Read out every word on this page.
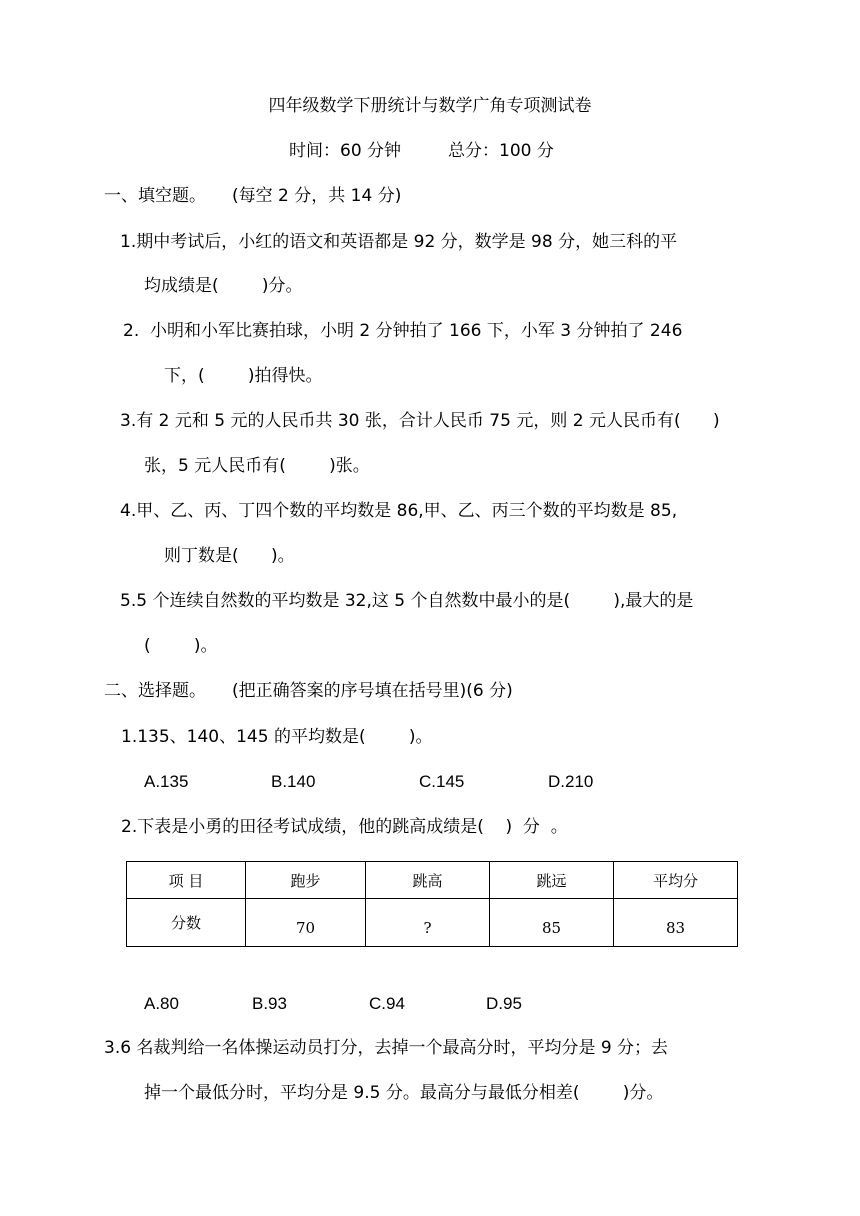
四年级数学下册统计与数学广角专项测试卷
时间：60 分钟	总分：100 分
一、填空题。 (每空 2 分，共 14 分)
1.期中考试后，小红的语文和英语都是 92 分，数学是 98 分，她三科的平
均成绩是(        )分。
2.  小明和小军比赛拍球，小明 2 分钟拍了 166 下，小军 3 分钟拍了 246
下，(        )拍得快。
3.有 2 元和 5 元的人民币共 30 张，合计人民币 75 元，则 2 元人民币有(      )
张，5 元人民币有(        )张。
4.甲、乙、丙、丁四个数的平均数是 86,甲、乙、丙三个数的平均数是 85,
则丁数是(      )。
5.5 个连续自然数的平均数是 32,这 5 个自然数中最小的是(        ),最大的是
(        )。
二、选择题。 (把正确答案的序号填在括号里)(6 分)
1.135、140、145 的平均数是(        )。
A.135	B.140	C.145	D.210
2.下表是小勇的田径考试成绩，他的跳高成绩是(    )  分  。
项 目	跑步	跳高	跳远	平均分
分数	70	?	85	83
A.80	B.93	C.94	D.95
3.6 名裁判给一名体操运动员打分，去掉一个最高分时，平均分是 9 分；去
掉一个最低分时，平均分是 9.5 分。最高分与最低分相差(        )分。
